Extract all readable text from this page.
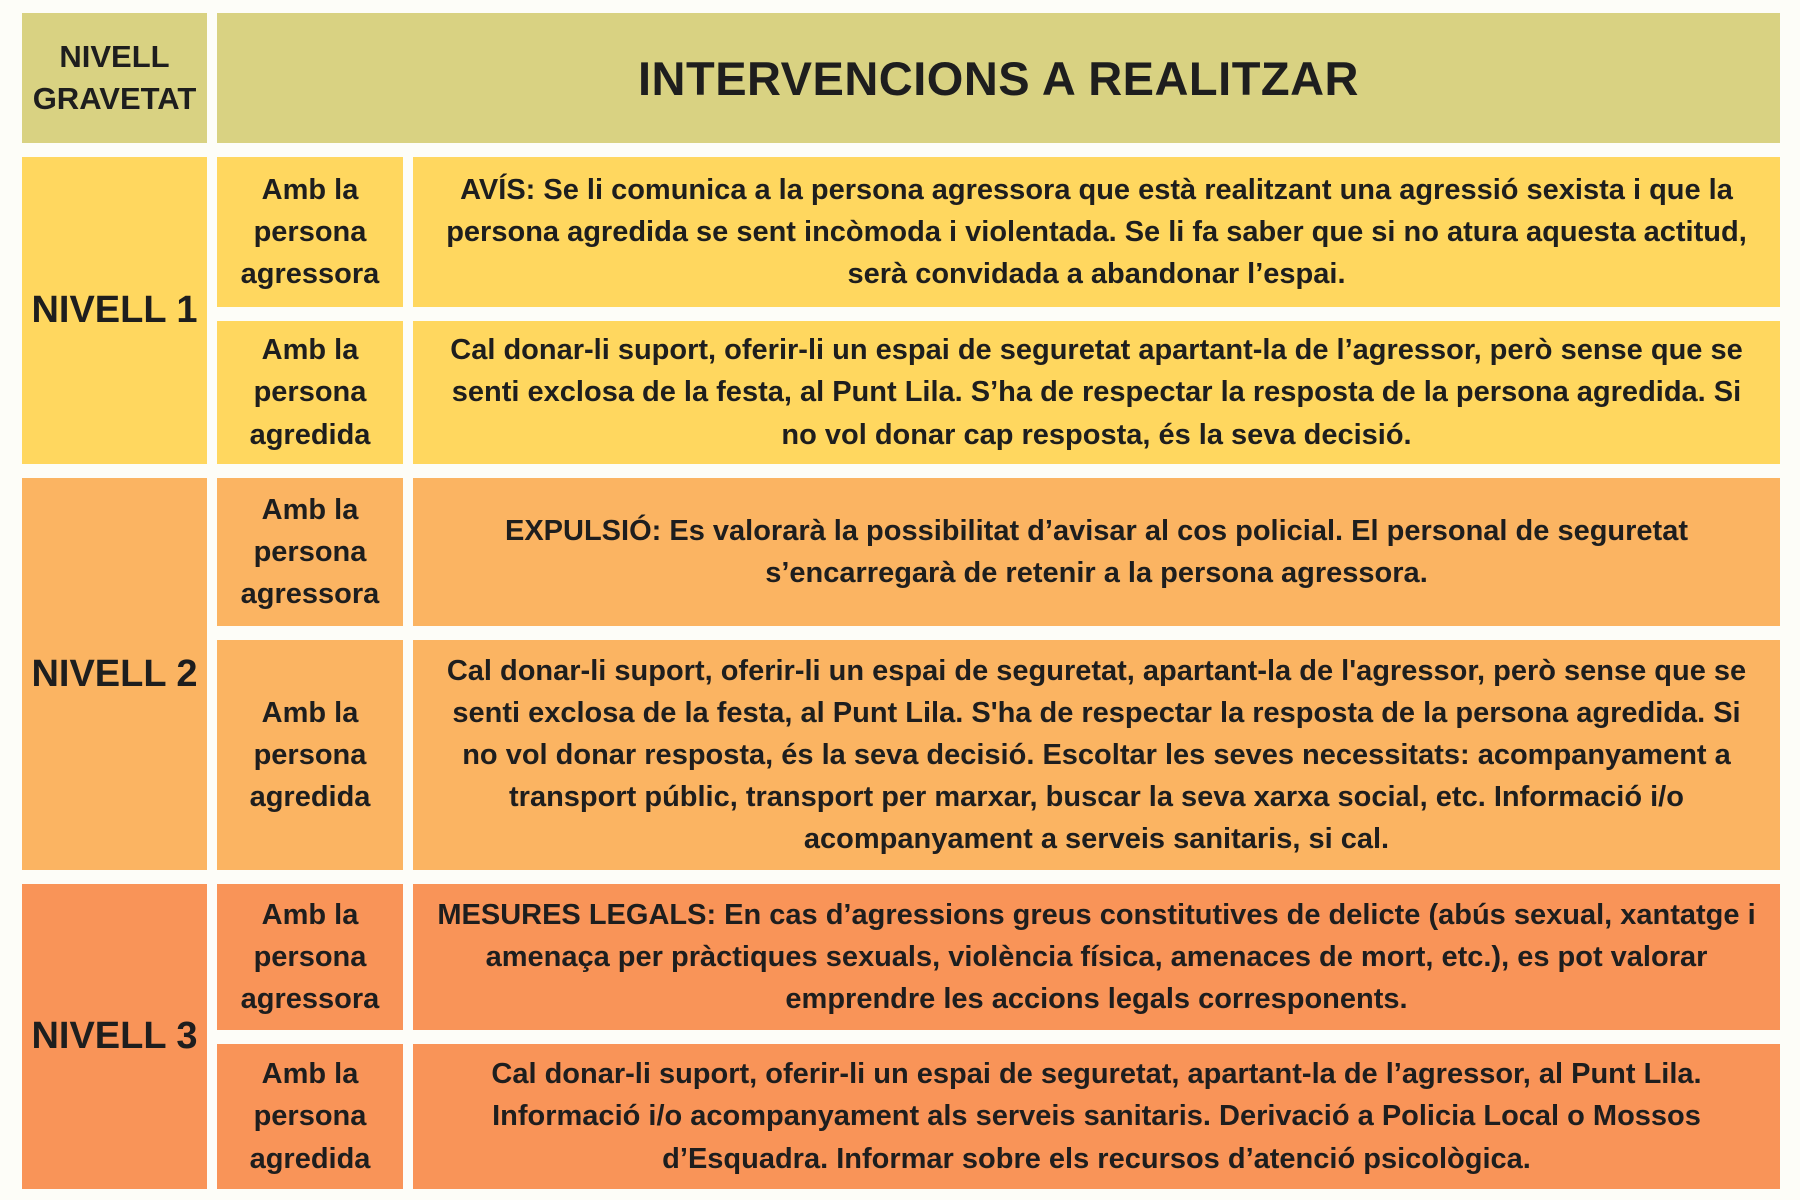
NIVELL GRAVETAT	INTERVENCIONS A REALITZAR
NIVELL 1
Amb la persona agressora
AVÍS: Se li comunica a la persona agressora que està realitzant una agressió sexista i que la persona agredida se sent incòmoda i violentada. Se li fa saber que si no atura aquesta actitud, serà convidada a abandonar l’espai.
Amb la persona agredida
Cal donar-li suport, oferir-li un espai de seguretat apartant-la de l’agressor, però sense que se senti exclosa de la festa, al Punt Lila. S’ha de respectar la resposta de la persona agredida. Si no vol donar cap resposta, és la seva decisió.
NIVELL 2
Amb la persona agressora
EXPULSIÓ: Es valorarà la possibilitat d’avisar al cos policial. El personal de seguretat s’encarregarà de retenir a la persona agressora.
Amb la persona agredida
Cal donar-li suport, oferir-li un espai de seguretat, apartant-la de l'agressor, però sense que se senti exclosa de la festa, al Punt Lila. S'ha de respectar la resposta de la persona agredida. Si no vol donar resposta, és la seva decisió. Escoltar les seves necessitats: acompanyament a transport públic, transport per marxar, buscar la seva xarxa social, etc. Informació i/o acompanyament a serveis sanitaris, si cal.
NIVELL 3
Amb la persona agressora
MESURES LEGALS: En cas d’agressions greus constitutives de delicte (abús sexual, xantatge i amenaça per pràctiques sexuals, violència física, amenaces de mort, etc.), es pot valorar emprendre les accions legals corresponents.
Amb la persona agredida
Cal donar-li suport, oferir-li un espai de seguretat, apartant-la de l’agressor, al Punt Lila. Informació i/o acompanyament als serveis sanitaris. Derivació a Policia Local o Mossos d’Esquadra. Informar sobre els recursos d’atenció psicològica.
